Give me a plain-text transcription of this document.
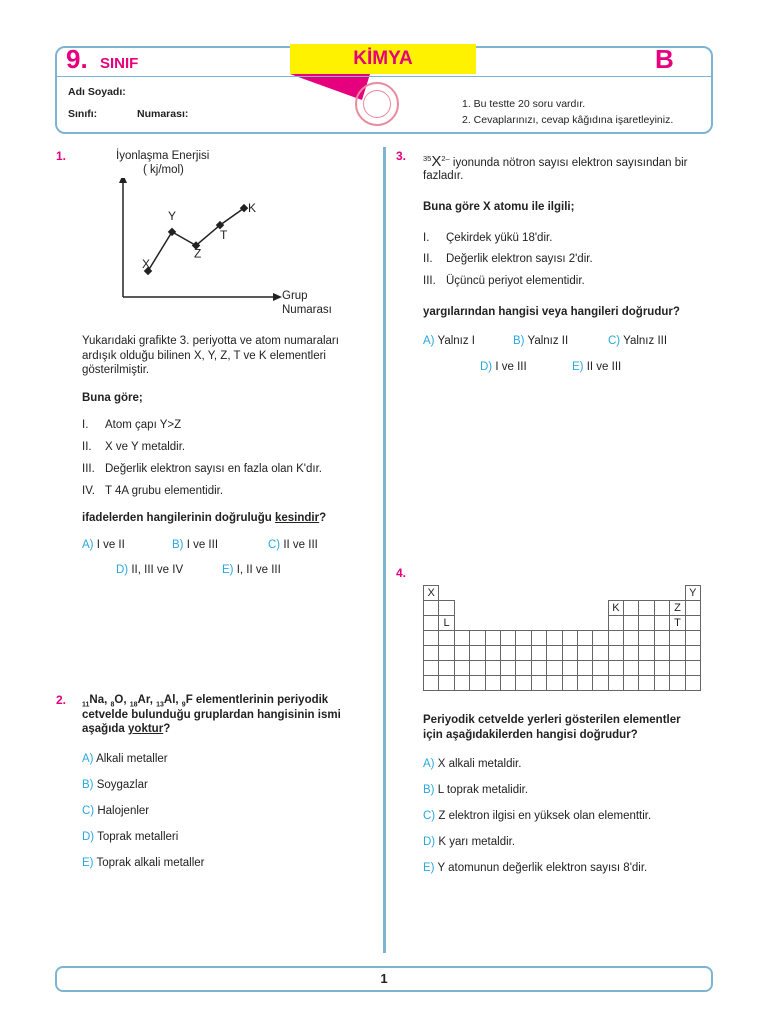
9. SINIF	KİMYA	B
Adı Soyadı:
Sınıfı:	Numarası:
1. Bu testte 20 soru vardır.
2. Cevaplarınızı, cevap kâğıdına işaretleyiniz.
1.	İyonlaşma Enerjisi
( kj/mol)
X
Y
Z
T
K
Grup
Numarası
Yukarıdaki grafikte 3. periyotta ve atom numaraları ardışık olduğu bilinen X, Y, Z, T ve K elementleri gösterilmiştir.
Buna göre;
I. Atom çapı Y>Z
II. X ve Y metaldir.
III. Değerlik elektron sayısı en fazla olan K'dır.
IV. T 4A grubu elementidir.
ifadelerden hangilerinin doğruluğu kesindir?
A) I ve II	B) I ve III	C) II ve III
D) II, III ve IV	E) I, II ve III
2. $_{11}$Na, $_8$O, $_{18}$Ar, $_{13}$Al, $_9$F elementlerinin periyodik
cetvelde bulunduğu gruplardan hangisinin ismi
aşağıda yoktur?
A) Alkali metaller
B) Soygazlar
C) Halojenler
D) Toprak metalleri
E) Toprak alkali metaller
3. $^{35}X^{2-}$ iyonunda nötron sayısı elektron sayısından bir
fazladır.
Buna göre X atomu ile ilgili;
I. Çekirdek yükü 18'dir.
II. Değerlik elektron sayısı 2'dir.
III. Üçüncü periyot elementidir.
yargılarından hangisi veya hangileri doğrudur?
A) Yalnız I	B) Yalnız II	C) Yalnız III
D) I ve III	E) II ve III
4.
X																	Y
												K				Z	
	L															T	

Periyodik cetvelde yerleri gösterilen elementler
için aşağıdakilerden hangisi doğrudur?
A) X alkali metaldir.
B) L toprak metalidir.
C) Z elektron ilgisi en yüksek olan elementtir.
D) K yarı metaldir.
E) Y atomunun değerlik elektron sayısı 8'dir.
1
